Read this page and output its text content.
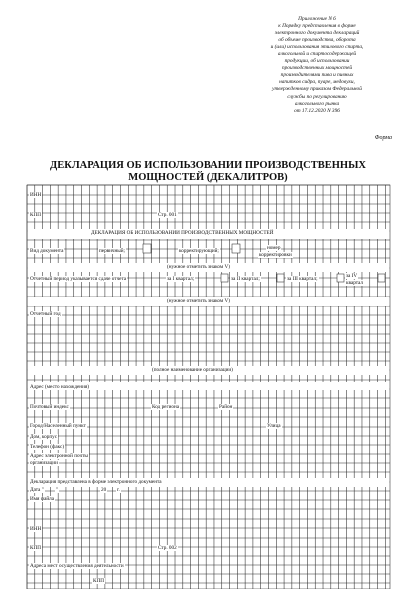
Приложение N 6
к Порядку представления в форме
электронного документа деклараций
об объеме производства, оборота
и (или) использования этилового спирта,
алкогольной и спиртосодержащей
продукции, об использовании
производственных мощностей
производителями пива и пивных
напитков сидра, пуаре, медовухи,
утвержденному приказом Федеральной
службы по регулированию
алкогольного рынка
от 17.12.2020 N 396
Форма
ДЕКЛАРАЦИЯ ОБ ИСПОЛЬЗОВАНИИ ПРОИЗВОДСТВЕННЫХ
МОЩНОСТЕЙ (ДЕКАЛИТРОВ)
ИНН
КПП	Стр. 001
ДЕКЛАРАЦИЯ ОБ ИСПОЛЬЗОВАНИИ ПРОИЗВОДСТВЕННЫХ МОЩНОСТЕЙ
Вид документа	первичный;	корректирующий;	номер
корректировки
(нужное отметить знаком V)
Отчетный период указывается сдаче отчета	за I квартал;	за II квартал;	за III квартал;	за IV
квартал
(нужное отметить знаком V)
Отчетный год
(полное наименование организации)
Адрес (место нахождения)
Почтовый индекс	Код региона	Район
Город/Населенный пункт	Улица
Дом, корпус
Телефон (факс)
Адрес электронной почты
организации
Декларация представлена в форме электронного документа
Дата " "	20 г.
Имя файла
ИНН
КПП	Стр. 002
Адреса мест осуществления деятельности
КПП
